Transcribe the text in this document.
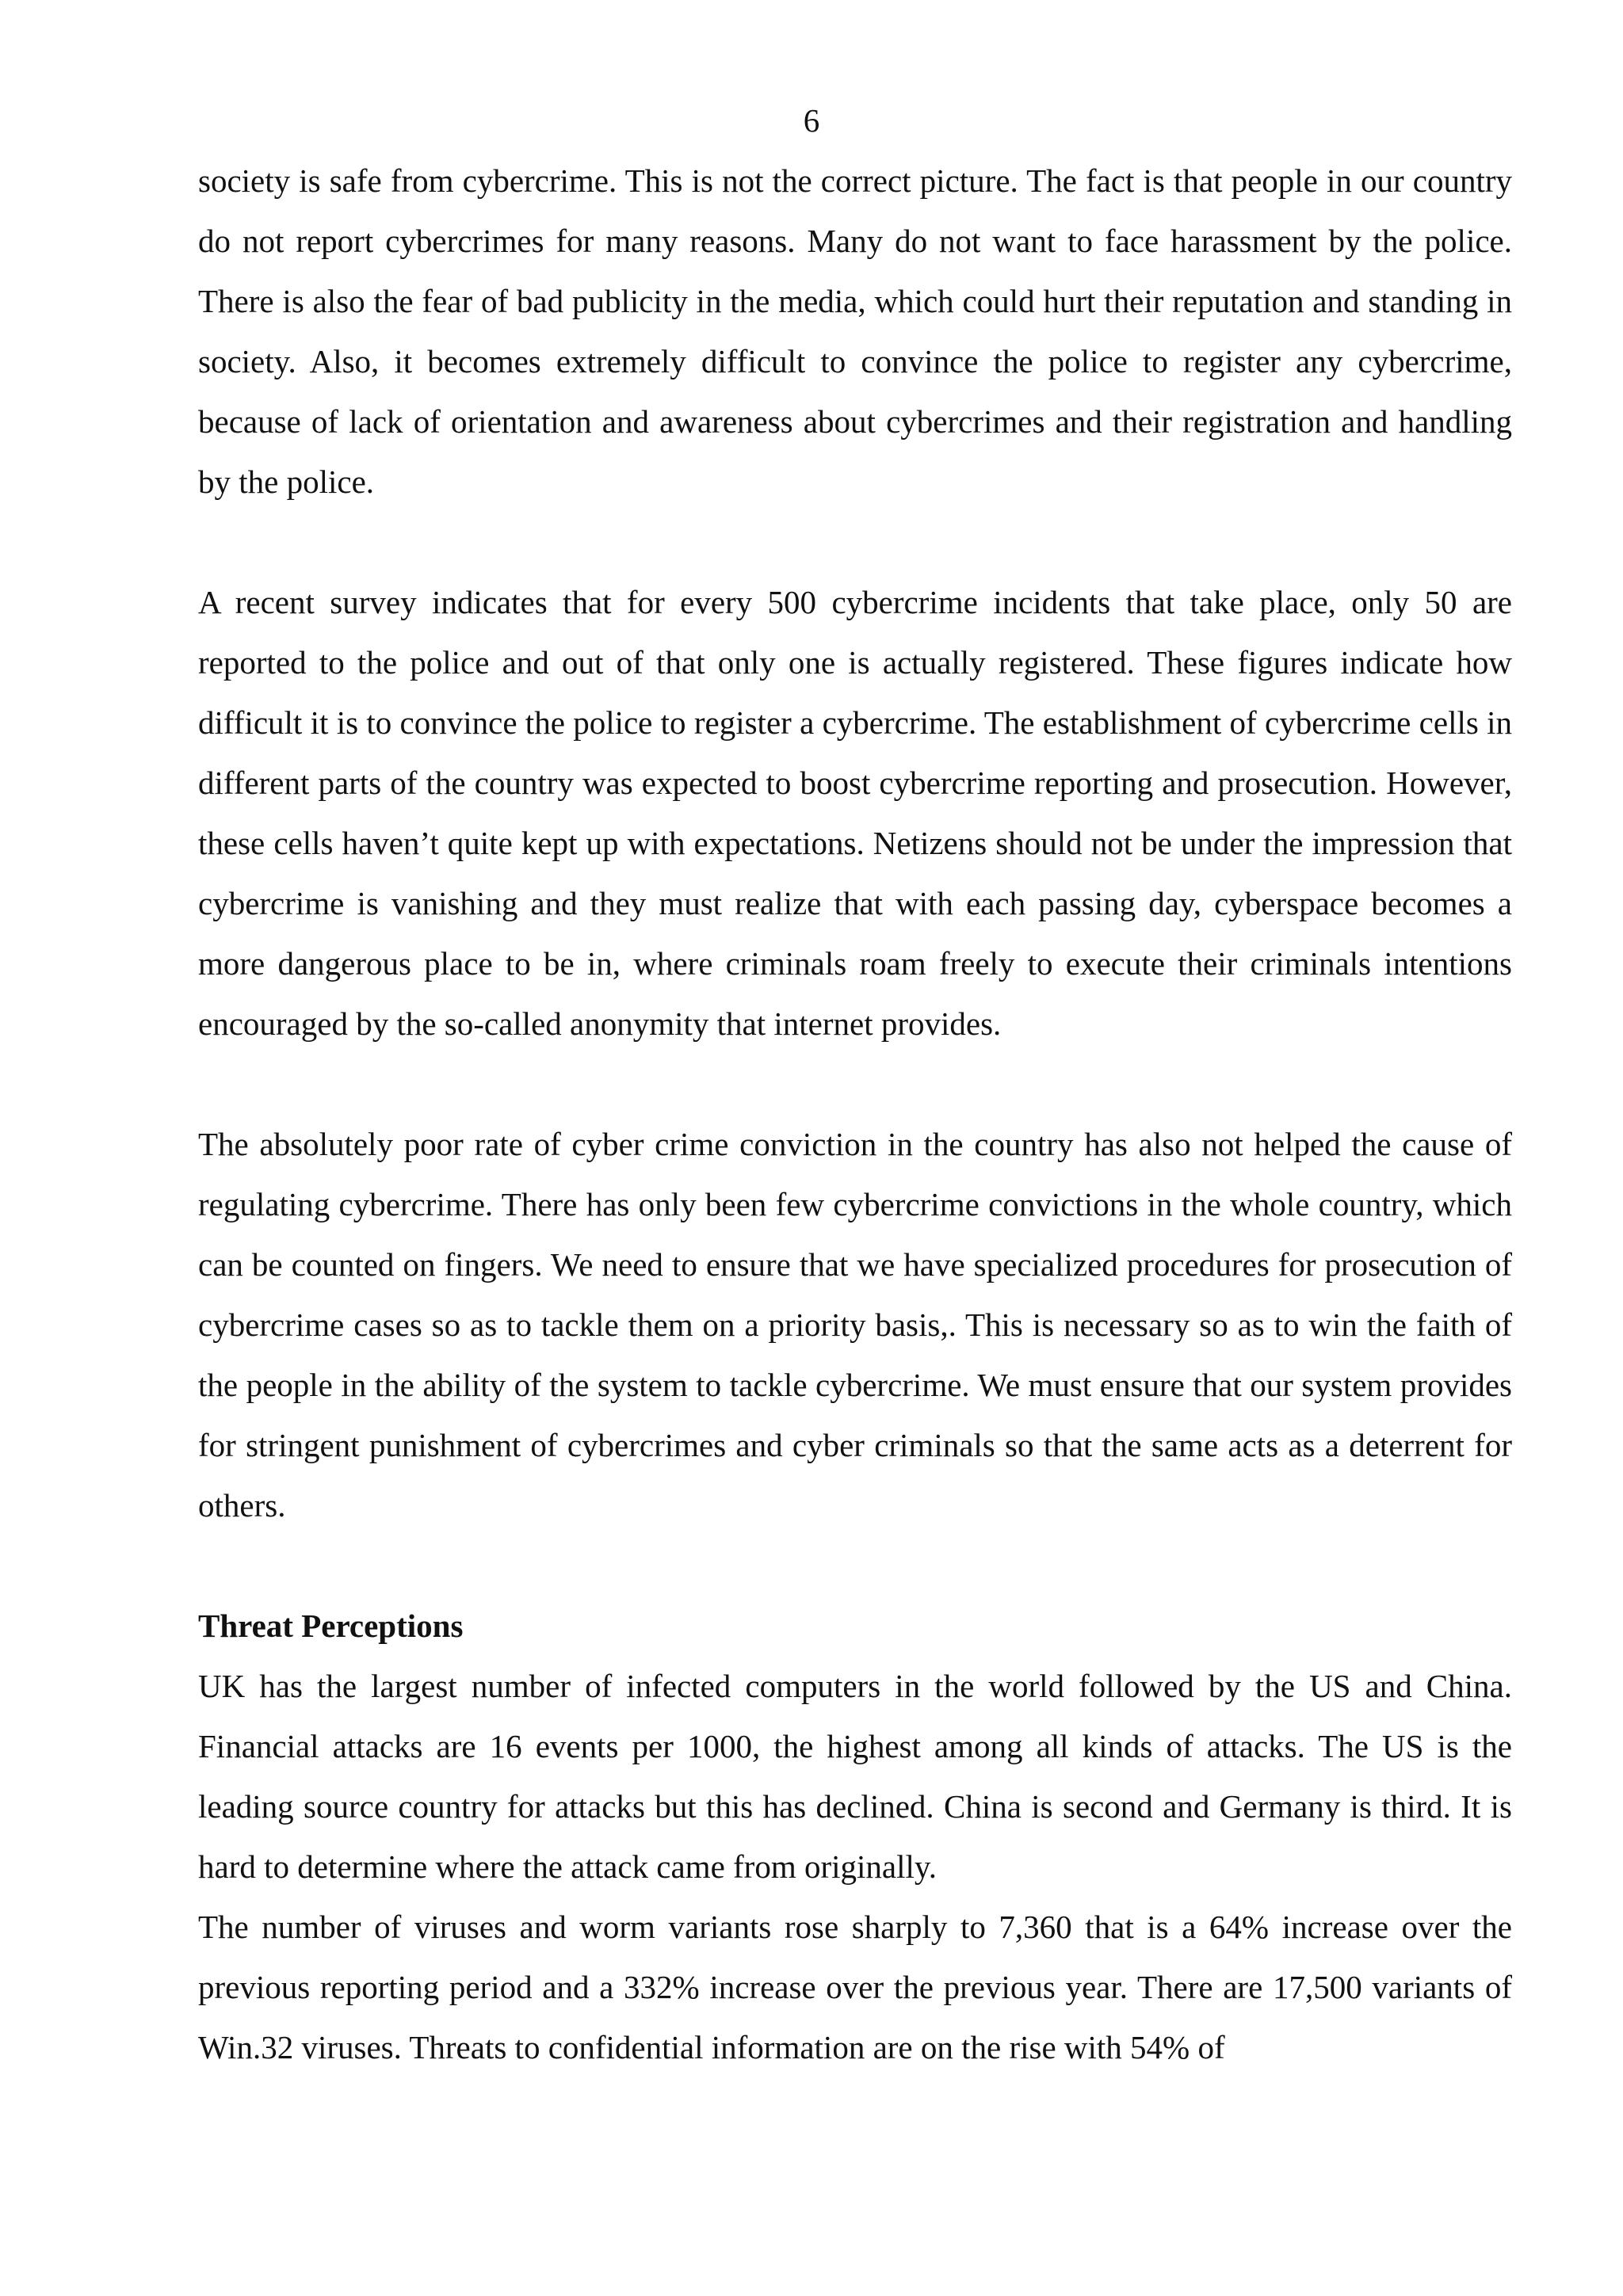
6

society is safe from cybercrime. This is not the correct picture. The fact is that people in our country do not report cybercrimes for many reasons. Many do not want to face harassment by the police. There is also the fear of bad publicity in the media, which could hurt their reputation and standing in society. Also, it becomes extremely difficult to convince the police to register any cybercrime, because of lack of orientation and awareness about cybercrimes and their registration and handling by the police.

A recent survey indicates that for every 500 cybercrime incidents that take place, only 50 are reported to the police and out of that only one is actually registered. These figures indicate how difficult it is to convince the police to register a cybercrime. The establishment of cybercrime cells in different parts of the country was expected to boost cybercrime reporting and prosecution. However, these cells haven’t quite kept up with expectations. Netizens should not be under the impression that cybercrime is vanishing and they must realize that with each passing day, cyberspace becomes a more dangerous place to be in, where criminals roam freely to execute their criminals intentions encouraged by the so-called anonymity that internet provides.

The absolutely poor rate of cyber crime conviction in the country has also not helped the cause of regulating cybercrime. There has only been few cybercrime convictions in the whole country, which can be counted on fingers. We need to ensure that we have specialized procedures for prosecution of cybercrime cases so as to tackle them on a priority basis,. This is necessary so as to win the faith of the people in the ability of the system to tackle cybercrime. We must ensure that our system provides for stringent punishment of cybercrimes and cyber criminals so that the same acts as a deterrent for others.

Threat Perceptions

UK has the largest number of infected computers in the world followed by the US and China. Financial attacks are 16 events per 1000, the highest among all kinds of attacks. The US is the leading source country for attacks but this has declined. China is second and Germany is third. It is hard to determine where the attack came from originally.

The number of viruses and worm variants rose sharply to 7,360 that is a 64% increase over the previous reporting period and a 332% increase over the previous year. There are 17,500 variants of Win.32 viruses. Threats to confidential information are on the rise with 54% of
